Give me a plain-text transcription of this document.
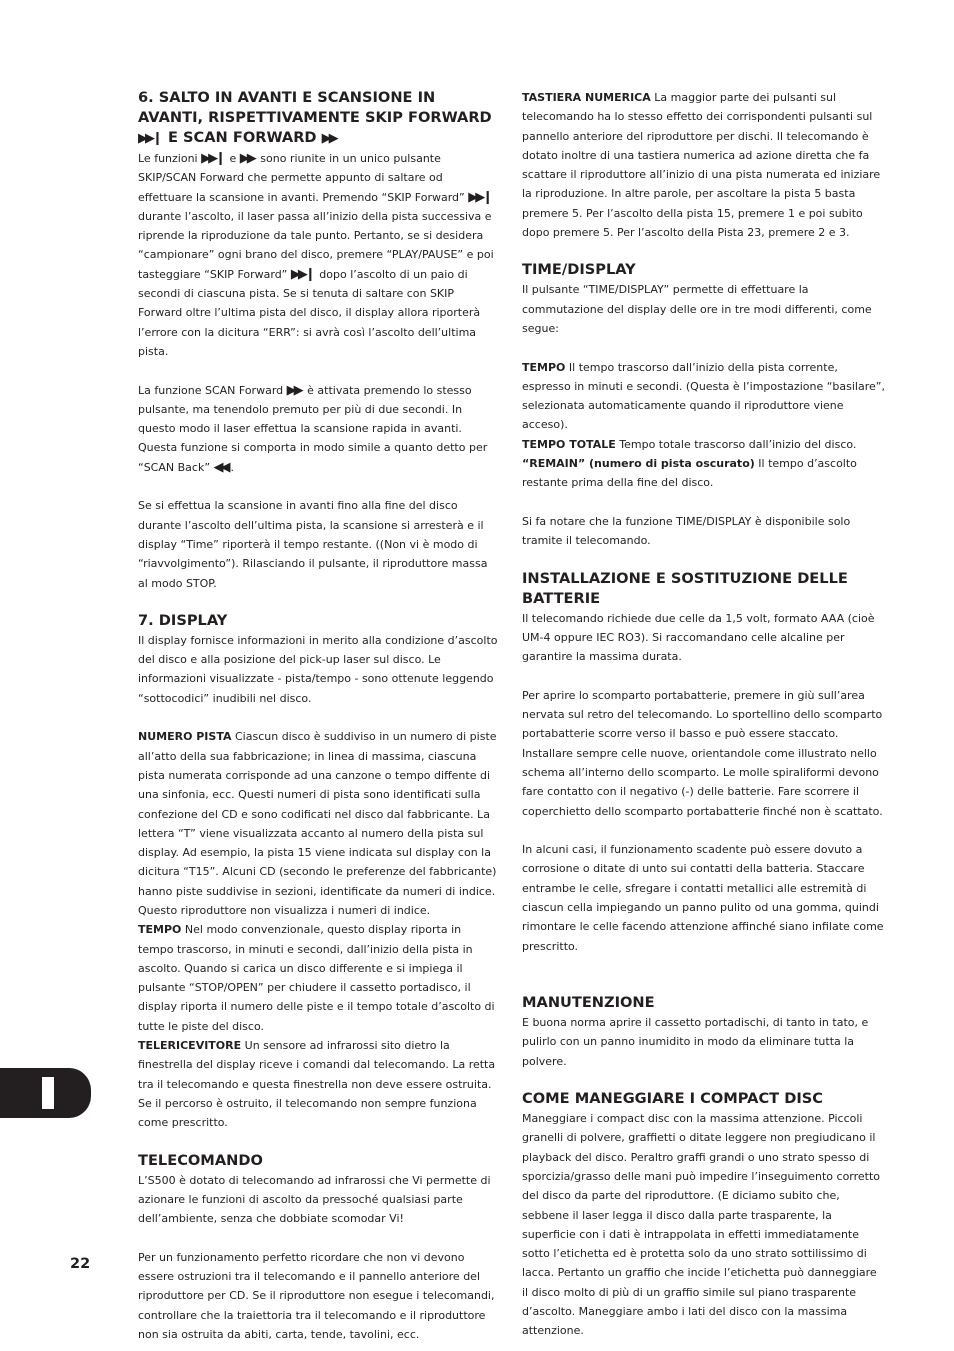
6. SALTO IN AVANTI E SCANSIONE IN AVANTI, RISPETTIVAMENTE SKIP FORWARD
▶▶❙ E SCAN FORWARD ▶▶

Le funzioni ▶▶❙ e ▶▶ sono riunite in un unico pulsante SKIP/SCAN Forward che permette appunto di saltare od effettuare la scansione in avanti. Premendo “SKIP Forward” ▶▶❙ durante l’ascolto, il laser passa all’inizio della pista successiva e riprende la riproduzione da tale punto. Pertanto, se si desidera “campionare” ogni brano del disco, premere “PLAY/PAUSE” e poi tasteggiare “SKIP Forward” ▶▶❙ dopo l’ascolto di un paio di secondi di ciascuna pista. Se si tenuta di saltare con SKIP Forward oltre l’ultima pista del disco, il display allora riporterà l’errore con la dicitura “ERR”: si avrà così l’ascolto dell’ultima pista.

La funzione SCAN Forward ▶▶ è attivata premendo lo stesso pulsante, ma tenendolo premuto per più di due secondi. In questo modo il laser effettua la scansione rapida in avanti. Questa funzione si comporta in modo simile a quanto detto per “SCAN Back” ◀◀ .

Se si effettua la scansione in avanti fino alla fine del disco durante l’ascolto dell’ultima pista, la scansione si arresterà e il display “Time” riporterà il tempo restante. ((Non vi è modo di “riavvolgimento”). Rilasciando il pulsante, il riproduttore massa al modo STOP.

7. DISPLAY

Il display fornisce informazioni in merito alla condizione d’ascolto del disco e alla posizione del pick-up laser sul disco. Le informazioni visualizzate - pista/tempo - sono ottenute leggendo “sottocodici” inudibili nel disco.

NUMERO PISTA Ciascun disco è suddiviso in un numero di piste all’atto della sua fabbricazione; in linea di massima, ciascuna pista numerata corrisponde ad una canzone o tempo diffente di una sinfonia, ecc. Questi numeri di pista sono identificati sulla confezione del CD e sono codificati nel disco dal fabbricante. La lettera “T” viene visualizzata accanto al numero della pista sul display. Ad esempio, la pista 15 viene indicata sul display con la dicitura “T15”. Alcuni CD (secondo le preferenze del fabbricante) hanno piste suddivise in sezioni, identificate da numeri di indice. Questo riproduttore non visualizza i numeri di indice.

TEMPO Nel modo convenzionale, questo display riporta in tempo trascorso, in minuti e secondi, dall’inizio della pista in ascolto. Quando si carica un disco differente e si impiega il pulsante “STOP/OPEN” per chiudere il cassetto portadisco, il display riporta il numero delle piste e il tempo totale d’ascolto di tutte le piste del disco.

TELERICEVITORE Un sensore ad infrarossi sito dietro la finestrella del display riceve i comandi dal telecomando. La retta tra il telecomando e questa finestrella non deve essere ostruita. Se il percorso è ostruito, il telecomando non sempre funziona come prescritto.

TELECOMANDO

L’S500 è dotato di telecomando ad infrarossi che Vi permette di azionare le funzioni di ascolto da pressoché qualsiasi parte dell’ambiente, senza che dobbiate scomodar Vi!

Per un funzionamento perfetto ricordare che non vi devono essere ostruzioni tra il telecomando e il pannello anteriore del riproduttore per CD. Se il riproduttore non esegue i telecomandi, controllare che la traiettoria tra il telecomando e il riproduttore non sia ostruita da abiti, carta, tende, tavolini, ecc.

TASTIERA NUMERICA La maggior parte dei pulsanti sul telecomando ha lo stesso effetto dei corrispondenti pulsanti sul pannello anteriore del riproduttore per dischi. Il telecomando è dotato inoltre di una tastiera numerica ad azione diretta che fa scattare il riproduttore all’inizio di una pista numerata ed iniziare la riproduzione. In altre parole, per ascoltare la pista 5 basta premere 5. Per l’ascolto della pista 15, premere 1 e poi subito dopo premere 5. Per l’ascolto della Pista 23, premere 2 e 3.

TIME/DISPLAY

Il pulsante “TIME/DISPLAY” permette di effettuare la commutazione del display delle ore in tre modi differenti, come segue:

TEMPO Il tempo trascorso dall’inizio della pista corrente, espresso in minuti e secondi. (Questa è l’impostazione “basilare”, selezionata automaticamente quando il riproduttore viene acceso).

TEMPO TOTALE Tempo totale trascorso dall’inizio del disco.

“REMAIN” (numero di pista oscurato) Il tempo d’ascolto restante prima della fine del disco.

Si fa notare che la funzione TIME/DISPLAY è disponibile solo tramite il telecomando.

INSTALLAZIONE E SOSTITUZIONE DELLE BATTERIE

Il telecomando richiede due celle da 1,5 volt, formato AAA (cioè UM-4 oppure IEC RO3). Si raccomandano celle alcaline per garantire la massima durata.

Per aprire lo scomparto portabatterie, premere in giù sull’area nervata sul retro del telecomando. Lo sportellino dello scomparto portabatterie scorre verso il basso e può essere staccato. Installare sempre celle nuove, orientandole come illustrato nello schema all’interno dello scomparto. Le molle spiraliformi devono fare contatto con il negativo (-) delle batterie. Fare scorrere il coperchietto dello scomparto portabatterie finché non è scattato.

In alcuni casi, il funzionamento scadente può essere dovuto a corrosione o ditate di unto sui contatti della batteria. Staccare entrambe le celle, sfregare i contatti metallici alle estremità di ciascun cella impiegando un panno pulito od una gomma, quindi rimontare le celle facendo attenzione affinché siano infilate come prescritto.

MANUTENZIONE

E buona norma aprire il cassetto portadischi, di tanto in tato, e pulirlo con un panno inumidito in modo da eliminare tutta la polvere.

COME MANEGGIARE I COMPACT DISC

Maneggiare i compact disc con la massima attenzione. Piccoli granelli di polvere, graffietti o ditate leggere non pregiudicano il playback del disco. Peraltro graffi grandi o uno strato spesso di sporcizia/grasso delle mani può impedire l’inseguimento corretto del disco da parte del riproduttore. (E diciamo subito che, sebbene il laser legga il disco dalla parte trasparente, la superficie con i dati è intrappolata in effetti immediatamente sotto l’etichetta ed è protetta solo da uno strato sottilissimo di lacca. Pertanto un graffio che incide l’etichetta può danneggiare il disco molto di più di un graffio simile sul piano trasparente d’ascolto. Maneggiare ambo i lati del disco con la massima attenzione.

22
